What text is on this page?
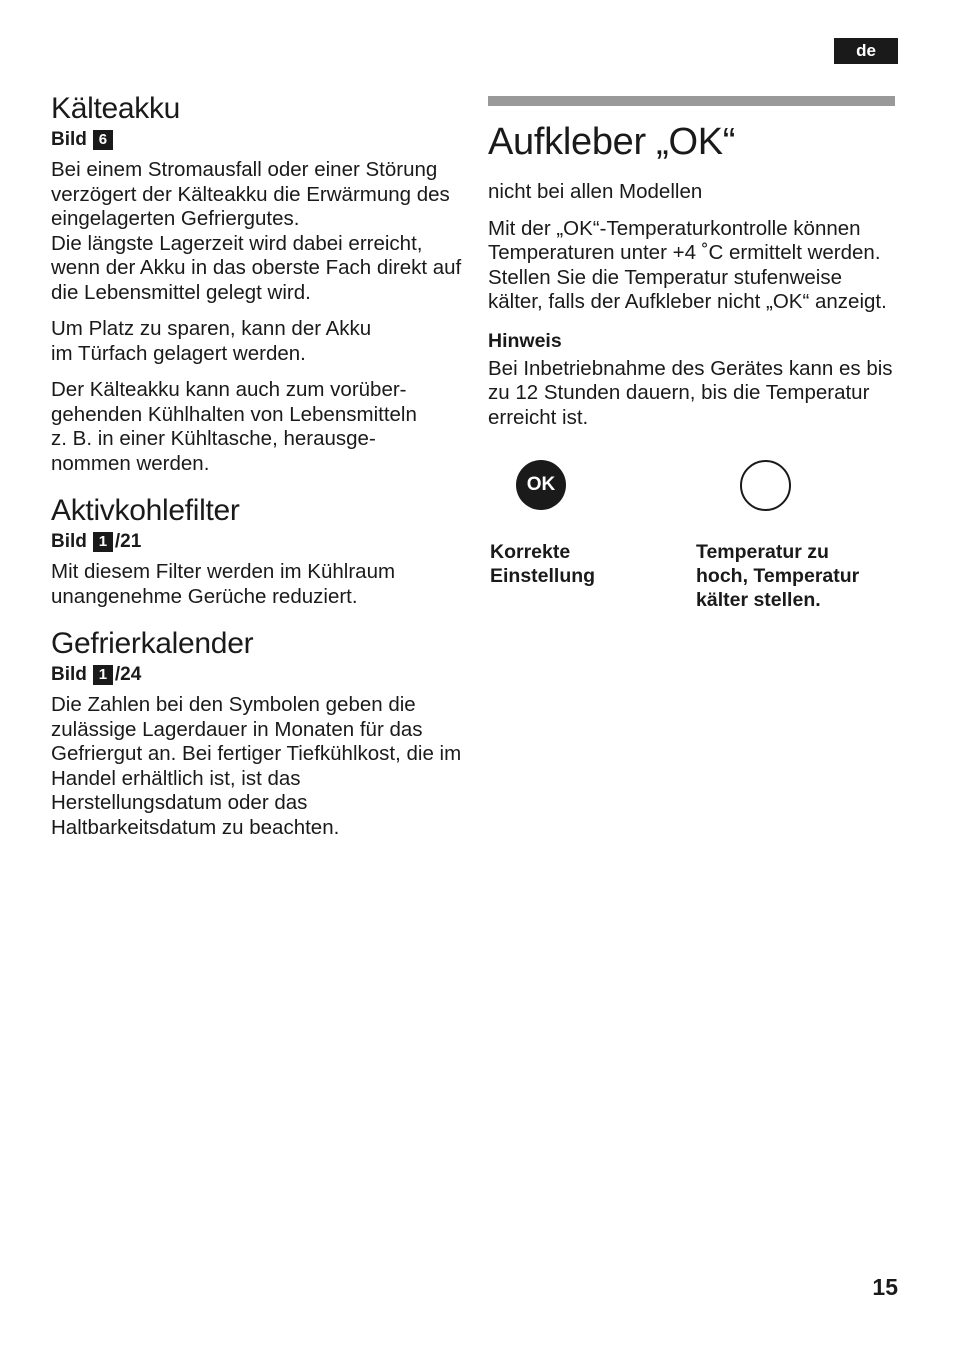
de
Kälteakku
Bild 6

Bei einem Stromausfall oder einer Störung verzögert der Kälteakku die Erwärmung des eingelagerten Gefriergutes.
Die längste Lagerzeit wird dabei erreicht, wenn der Akku in das oberste Fach direkt auf die Lebensmittel gelegt wird.

Um Platz zu sparen, kann der Akku
im Türfach gelagert werden.

Der Kälteakku kann auch zum vorüber-
gehenden Kühlhalten von Lebensmitteln
z. B. in einer Kühltasche, herausge-
nommen werden.

Aktivkohlefilter
Bild 1 /21

Mit diesem Filter werden im Kühlraum
unangenehme Gerüche reduziert.

Gefrierkalender
Bild 1 /24

Die Zahlen bei den Symbolen geben die zulässige Lagerdauer in Monaten für das Gefriergut an. Bei fertiger Tiefkühlkost, die im Handel erhältlich ist, ist das Herstellungsdatum oder das Haltbarkeitsdatum zu beachten.

Aufkleber „OK“

nicht bei allen Modellen

Mit der „OK“-Temperaturkontrolle können Temperaturen unter +4 ˚C ermittelt werden. Stellen Sie die Temperatur stufenweise kälter, falls der Aufkleber nicht „OK“ anzeigt.

Hinweis

Bei Inbetriebnahme des Gerätes kann es bis zu 12 Stunden dauern, bis die Temperatur erreicht ist.

OK
Korrekte
Einstellung
Temperatur zu
hoch, Temperatur
kälter stellen.
15
